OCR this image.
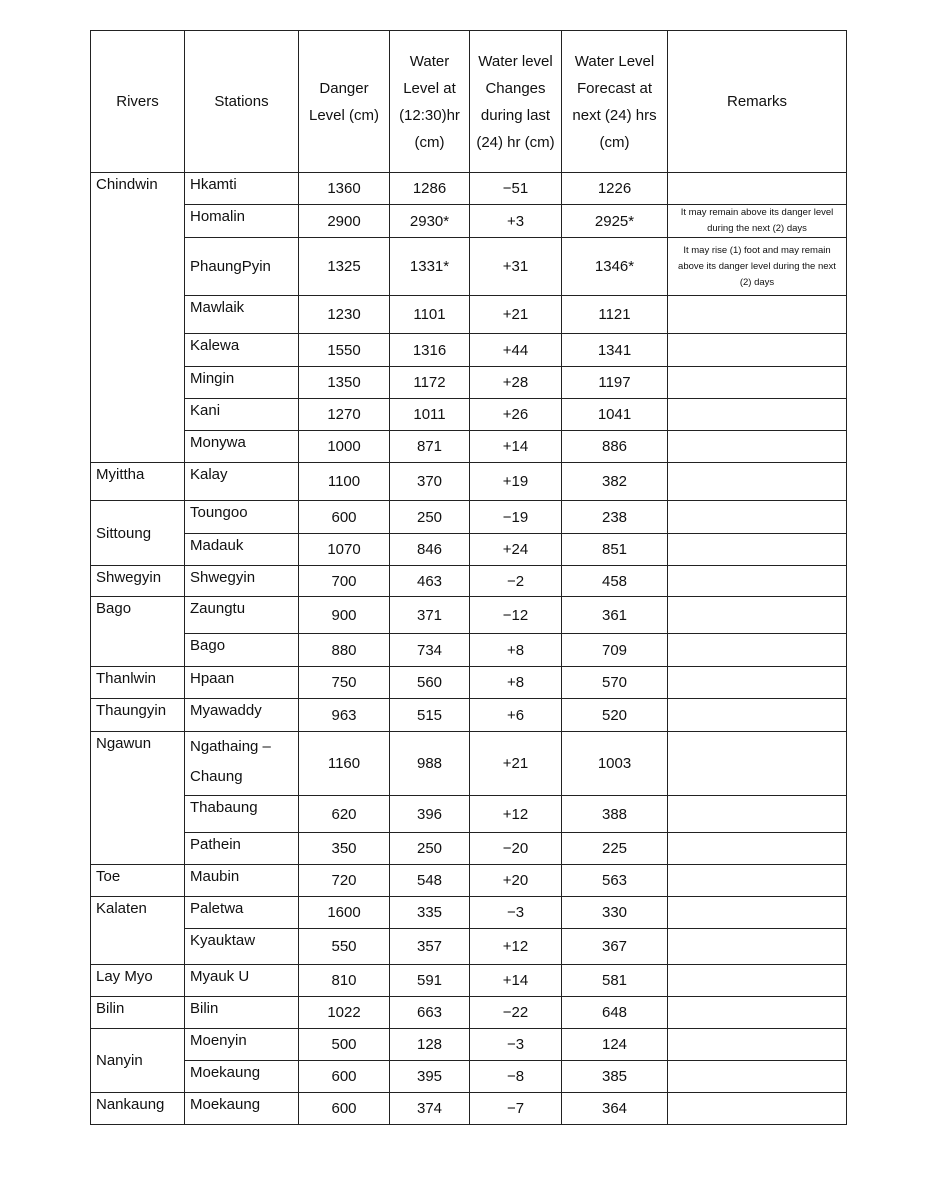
Rivers	Stations	Danger Level (cm)	Water Level at (12:30)hr (cm)	Water level Changes during last (24) hr (cm)	Water Level Forecast at next (24) hrs (cm)	Remarks
Chindwin	Hkamti	1360	1286	−51	1226	
	Homalin	2900	2930*	+3	2925*	It may remain above its danger level during the next (2) days
	PhaungPyin	1325	1331*	+31	1346*	It may rise (1) foot and may remain above its danger level during the next (2) days
	Mawlaik	1230	1101	+21	1121	
	Kalewa	1550	1316	+44	1341	
	Mingin	1350	1172	+28	1197	
	Kani	1270	1011	+26	1041	
	Monywa	1000	871	+14	886	
Myittha	Kalay	1100	370	+19	382	
Sittoung	Toungoo	600	250	−19	238	
	Madauk	1070	846	+24	851	
Shwegyin	Shwegyin	700	463	−2	458	
Bago	Zaungtu	900	371	−12	361	
	Bago	880	734	+8	709	
Thanlwin	Hpaan	750	560	+8	570	
Thaungyin	Myawaddy	963	515	+6	520	
Ngawun	Ngathaing – Chaung	1160	988	+21	1003	
	Thabaung	620	396	+12	388	
	Pathein	350	250	−20	225	
Toe	Maubin	720	548	+20	563	
Kalaten	Paletwa	1600	335	−3	330	
	Kyauktaw	550	357	+12	367	
Lay Myo	Myauk U	810	591	+14	581	
Bilin	Bilin	1022	663	−22	648	
Nanyin	Moenyin	500	128	−3	124	
	Moekaung	600	395	−8	385	
Nankaung	Moekaung	600	374	−7	364	
